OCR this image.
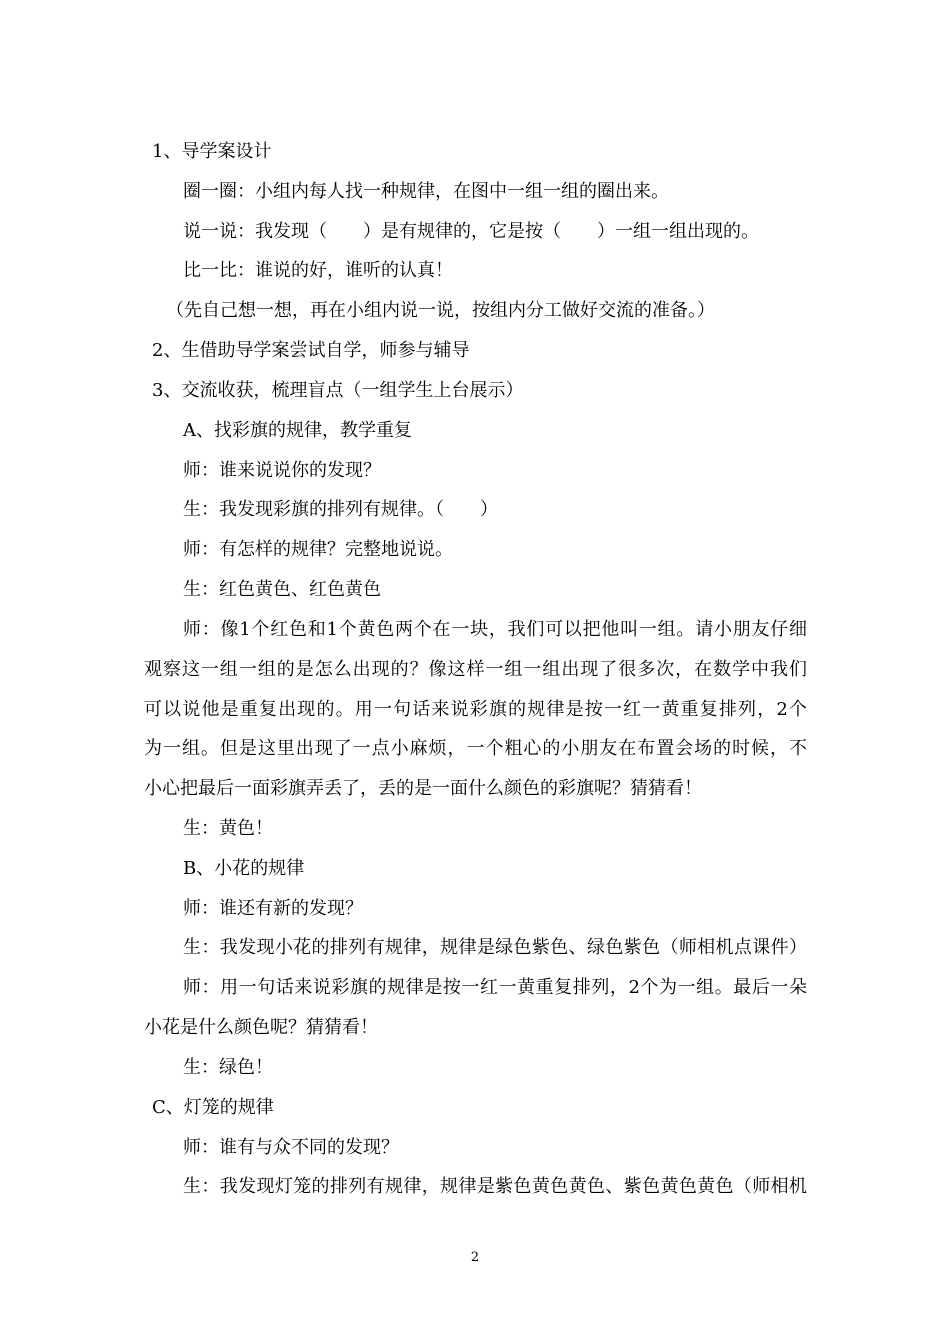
1、导学案设计
圈一圈：小组内每人找一种规律，在图中一组一组的圈出来。
说一说：我发现（　　）是有规律的，它是按（　　）一组一组出现的。
比一比：谁说的好，谁听的认真！
（先自己想一想，再在小组内说一说，按组内分工做好交流的准备。）
2、生借助导学案尝试自学，师参与辅导
3、交流收获，梳理盲点（一组学生上台展示）
A、找彩旗的规律，教学重复
师：谁来说说你的发现？
生：我发现彩旗的排列有规律。（　　）
师：有怎样的规律？完整地说说。
生：红色黄色、红色黄色
师：像1个红色和1个黄色两个在一块，我们可以把他叫一组。请小朋友仔细
观察这一组一组的是怎么出现的？像这样一组一组出现了很多次，在数学中我们
可以说他是重复出现的。用一句话来说彩旗的规律是按一红一黄重复排列，2个
为一组。但是这里出现了一点小麻烦，一个粗心的小朋友在布置会场的时候，不
小心把最后一面彩旗弄丢了，丢的是一面什么颜色的彩旗呢？猜猜看！
生：黄色！
B、小花的规律
师：谁还有新的发现？
生：我发现小花的排列有规律，规律是绿色紫色、绿色紫色（师相机点课件）
师：用一句话来说彩旗的规律是按一红一黄重复排列，2个为一组。最后一朵
小花是什么颜色呢？猜猜看！
生：绿色！
C、灯笼的规律
师：谁有与众不同的发现？
生：我发现灯笼的排列有规律，规律是紫色黄色黄色、紫色黄色黄色（师相机
2
